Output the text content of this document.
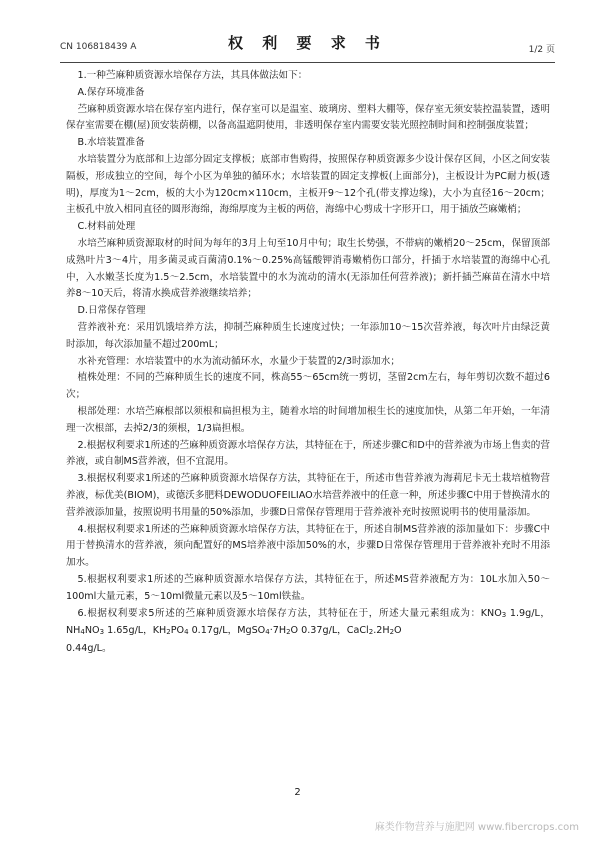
CN 106818439 A	权 利 要 求 书	1/2 页

1.一种苎麻种质资源水培保存方法，其具体做法如下：

A.保存环境准备

苎麻种质资源水培在保存室内进行，保存室可以是温室、玻璃房、塑料大棚等，保存室无须安装控温装置，透明保存室需要在棚(屋)顶安装荫棚，以备高温遮阴使用，非透明保存室内需要安装光照控制时间和控制强度装置；

B.水培装置准备

水培装置分为底部和上边部分固定支撑板；底部市售购得，按照保存种质资源多少设计保存区间，小区之间安装隔板，形成独立的空间，每个小区为单独的循环水；水培装置的固定支撑板(上面部分)，主板设计为PC耐力板(透明)，厚度为1～2cm，板的大小为120cm×110cm，主板开9～12个孔(带支撑边缘)，大小为直径16～20cm；主板孔中放入相同直径的圆形海绵，海绵厚度为主板的两倍，海绵中心剪成十字形开口，用于插放苎麻嫩梢；

C.材料前处理

水培苎麻种质资源取材的时间为每年的3月上旬至10月中旬；取生长势强，不带病的嫩梢20～25cm，保留顶部成熟叶片3～4片，用多菌灵或百菌清0.1%～0.25%高锰酸钾消毒嫩梢伤口部分，扦插于水培装置的海绵中心孔中，入水嫩茎长度为1.5～2.5cm，水培装置中的水为流动的清水(无添加任何营养液)；新扦插苎麻苗在清水中培养8～10天后，将清水换成营养液继续培养；

D.日常保存管理

营养液补充：采用饥饿培养方法，抑制苎麻种质生长速度过快；一年添加10～15次营养液，每次叶片由绿泛黄时添加，每次添加量不超过200mL；

水补充管理：水培装置中的水为流动循环水，水量少于装置的2/3时添加水；

植株处理：不同的苎麻种质生长的速度不同，株高55～65cm统一剪切，茎留2cm左右，每年剪切次数不超过6次；

根部处理：水培苎麻根部以须根和扁担根为主，随着水培的时间增加根生长的速度加快，从第二年开始，一年清理一次根部，去掉2/3的须根，1/3扁担根。

2.根据权利要求1所述的苎麻种质资源水培保存方法，其特征在于，所述步骤C和D中的营养液为市场上售卖的营养液，或自制MS营养液，但不宜混用。

3.根据权利要求1所述的苎麻种质资源水培保存方法，其特征在于，所述市售营养液为海莉尼卡无土栽培植物营养液，标优美(BIOM)，或德沃多肥料DEWODUOFEILIAO水培营养液中的任意一种，所述步骤C中用于替换清水的营养液添加量，按照说明书用量的50%添加，步骤D日常保存管理用于营养液补充时按照说明书的使用量添加。

4.根据权利要求1所述的苎麻种质资源水培保存方法，其特征在于，所述自制MS营养液的添加量如下：步骤C中用于替换清水的营养液，须向配置好的MS培养液中添加50%的水，步骤D日常保存管理用于营养液补充时不用添加水。

5.根据权利要求1所述的苎麻种质资源水培保存方法，其特征在于，所述MS营养液配方为：10L水加入50～100ml大量元素，5～10ml微量元素以及5～10ml铁盐。

6.根据权利要求5所述的苎麻种质资源水培保存方法，其特征在于，所述大量元素组成为：KNO3 1.9g/L，NH4NO3 1.65g/L，KH2PO4 0.17g/L，MgSO4·7H2O 0.37g/L，CaCl2.2H2O
0.44g/L。

2
麻类作物营养与施肥网 www.fibercrops.com
